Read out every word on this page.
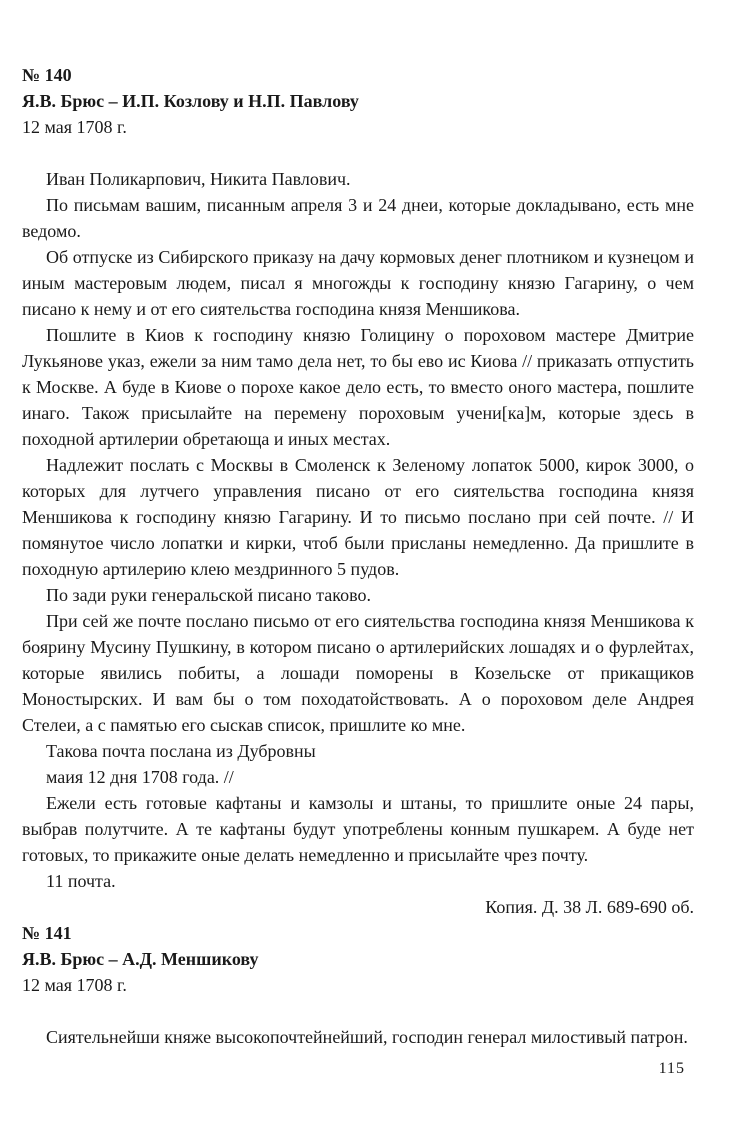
№ 140

Я.В. Брюс – И.П. Козлову и Н.П. Павлову

12 мая 1708 г.

Иван Поликарпович, Никита Павлович.

По письмам вашим, писанным апреля 3 и 24 днеи, которые докладывано, есть мне ведомо.

Об отпуске из Сибирского приказу на дачу кормовых денег плотником и кузнецом и иным мастеровым людем, писал я многожды к господину князю Гагарину, о чем писано к нему и от его сиятельства господина князя Меншикова.

Пошлите в Киов к господину князю Голицину о пороховом мастере Дмитрие Лукьянове указ, ежели за ним тамо дела нет, то бы ево ис Киова // приказать отпустить к Москве. А буде в Киове о порохе какое дело есть, то вместо оного мастера, пошлите инаго. Також присылайте на перемену пороховым учени[ка]м, которые здесь в походной артилерии обретающа и иных местах.

Надлежит послать с Москвы в Смоленск к Зеленому лопаток 5000, кирок 3000, о которых для лутчего управления писано от его сиятельства господина князя Меншикова к господину князю Гагарину. И то письмо послано при сей почте. // И помянутое число лопатки и кирки, чтоб были присланы немедленно. Да пришлите в походную артилерию клею мездринного 5 пудов.

По зади руки генеральской писано таково.

При сей же почте послано письмо от его сиятельства господина князя Меншикова к боярину Мусину Пушкину, в котором писано о артилерийских лошадях и о фурлейтах, которые явились побиты, а лошади поморены в Козельске от прикащиков Моностырских. И вам бы о том походатойствовать. А о пороховом деле Андрея Стелеи, а с памятью его сыскав список, пришлите ко мне.

Такова почта послана из Дубровны

маия 12 дня 1708 года. //

Ежели есть готовые кафтаны и камзолы и штаны, то пришлите оные 24 пары, выбрав полутчите. А те кафтаны будут употреблены конным пушкарем. А буде нет готовых, то прикажите оные делать немедленно и присылайте чрез почту.

11 почта.

Копия. Д. 38 Л. 689-690 об.

№ 141

Я.В. Брюс – А.Д. Меншикову

12 мая 1708 г.

Сиятельнейши княже высокопочтейнейший, господин генерал милостивый патрон.

115
